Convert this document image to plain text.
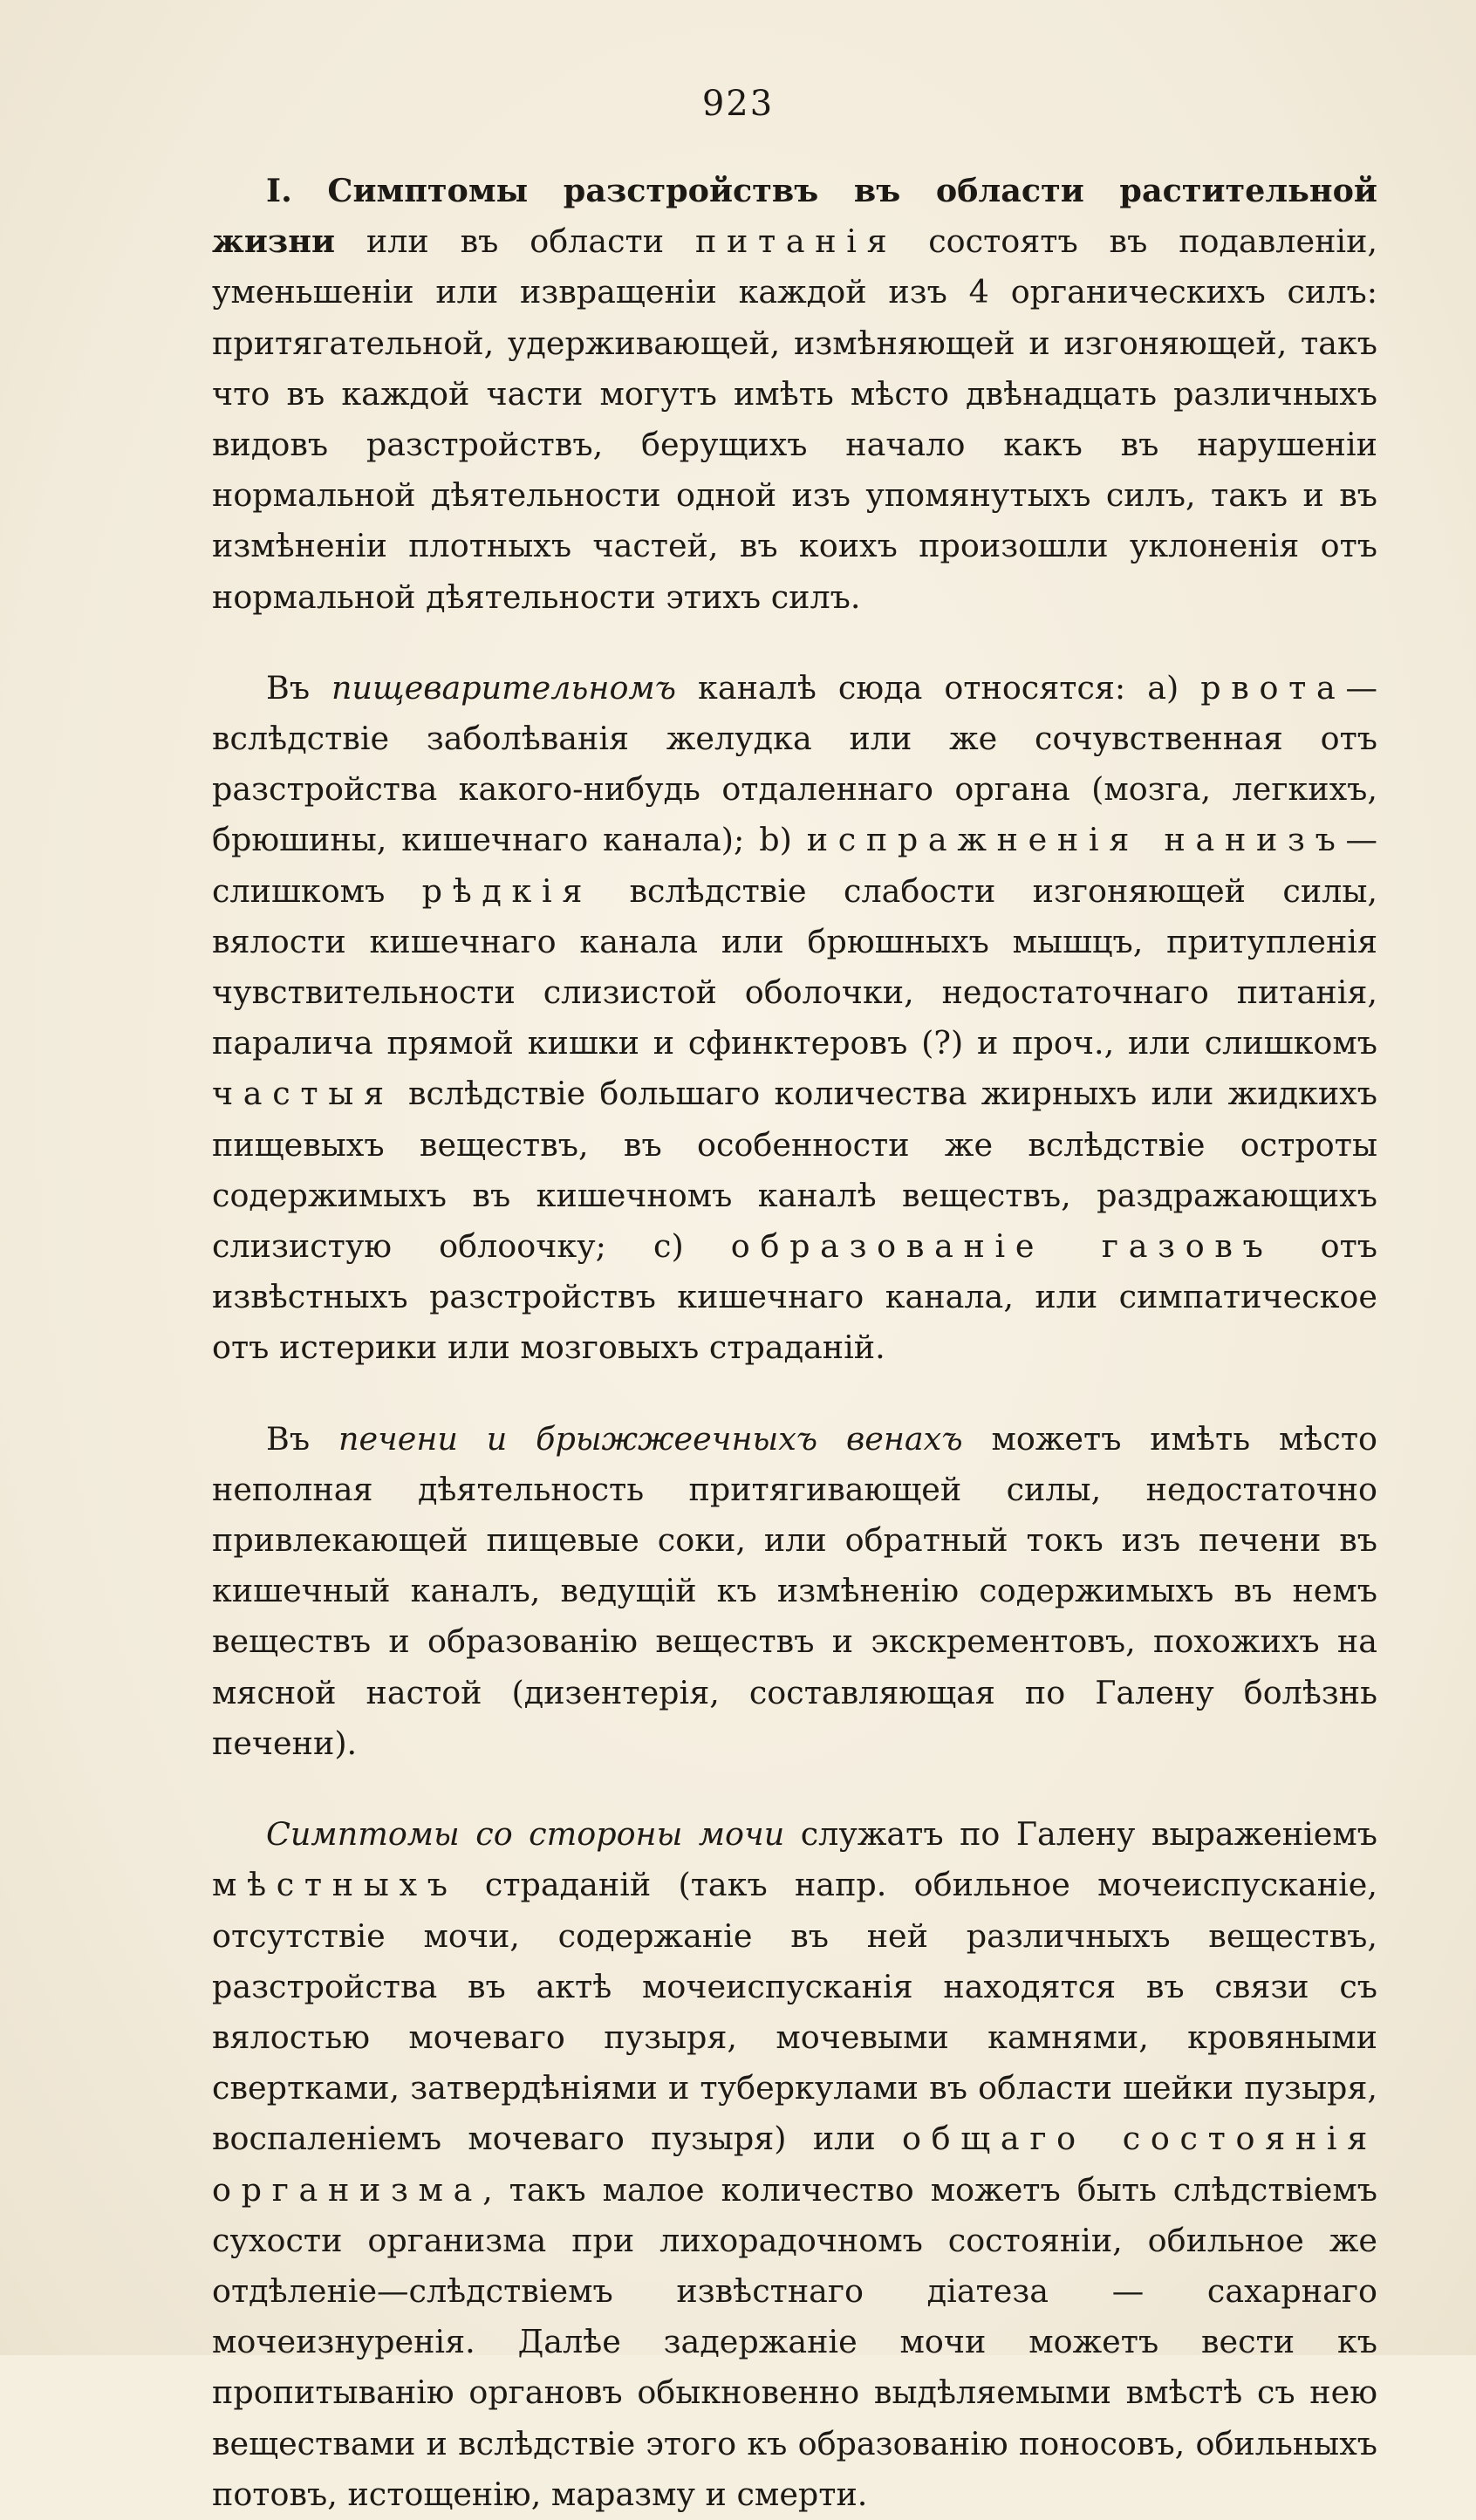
923

I. Симптомы разстройствъ въ области растительной жизни или въ области питанія состоятъ въ подавленіи, уменьшеніи или извращеніи каждой изъ 4 органическихъ силъ: притягательной, удерживающей, измѣняющей и изгоняющей, такъ что въ каждой части могутъ имѣть мѣсто двѣнадцать различныхъ видовъ разстройствъ, берущихъ начало какъ въ нарушеніи нормальной дѣятельности одной изъ упомянутыхъ силъ, такъ и въ измѣненіи плотныхъ частей, въ коихъ произошли уклоненія отъ нормальной дѣятельности этихъ силъ.

Въ пищеварительномъ каналѣ сюда относятся: a) рвота—вслѣдствіе заболѣванія желудка или же сочувственная отъ разстройства какого-нибудь отдаленнаго органа (мозга, легкихъ, брюшины, кишечнаго канала); b) испражненія нанизъ—слишкомъ рѣдкія вслѣдствіе слабости изгоняющей силы, вялости кишечнаго канала или брюшныхъ мышцъ, притупленія чувствительности слизистой оболочки, недостаточнаго питанія, паралича прямой кишки и сфинктеровъ (?) и проч., или слишкомъ частыя вслѣдствіе большаго количества жирныхъ или жидкихъ пищевыхъ веществъ, въ особенности же вслѣдствіе остроты содержимыхъ въ кишечномъ каналѣ веществъ, раздражающихъ слизистую облоочку; c) образованіе газовъ отъ извѣстныхъ разстройствъ кишечнаго канала, или симпатическое отъ истерики или мозговыхъ страданій.

Въ печени и брыжжеечныхъ венахъ можетъ имѣть мѣсто неполная дѣятельность притягивающей силы, недостаточно привлекающей пищевые соки, или обратный токъ изъ печени въ кишечный каналъ, ведущій къ измѣненію содержимыхъ въ немъ веществъ и образованію веществъ и экскрементовъ, похожихъ на мясной настой (дизентерія, составляющая по Галену болѣзнь печени).

Симптомы со стороны мочи служатъ по Галену выраженіемъ мѣстныхъ страданій (такъ напр. обильное мочеиспусканіе, отсутствіе мочи, содержаніе въ ней различныхъ веществъ, разстройства въ актѣ мочеиспусканія находятся въ связи съ вялостью мочеваго пузыря, мочевыми камнями, кровяными свертками, затвердѣніями и туберкулами въ области шейки пузыря, воспаленіемъ мочеваго пузыря) или общаго состоянія организма, такъ малое количество можетъ быть слѣдствіемъ сухости организма при лихорадочномъ состояніи, обильное же отдѣленіе—слѣдствіемъ извѣстнаго діатеза — сахарнаго мочеизнуренія. Далѣе задержаніе мочи можетъ вести къ пропитыванію органовъ обыкновенно выдѣляемыми вмѣстѣ съ нею веществами и вслѣдствіе этого къ образованію поносовъ, обильныхъ потовъ, истощенію, маразму и смерти.
